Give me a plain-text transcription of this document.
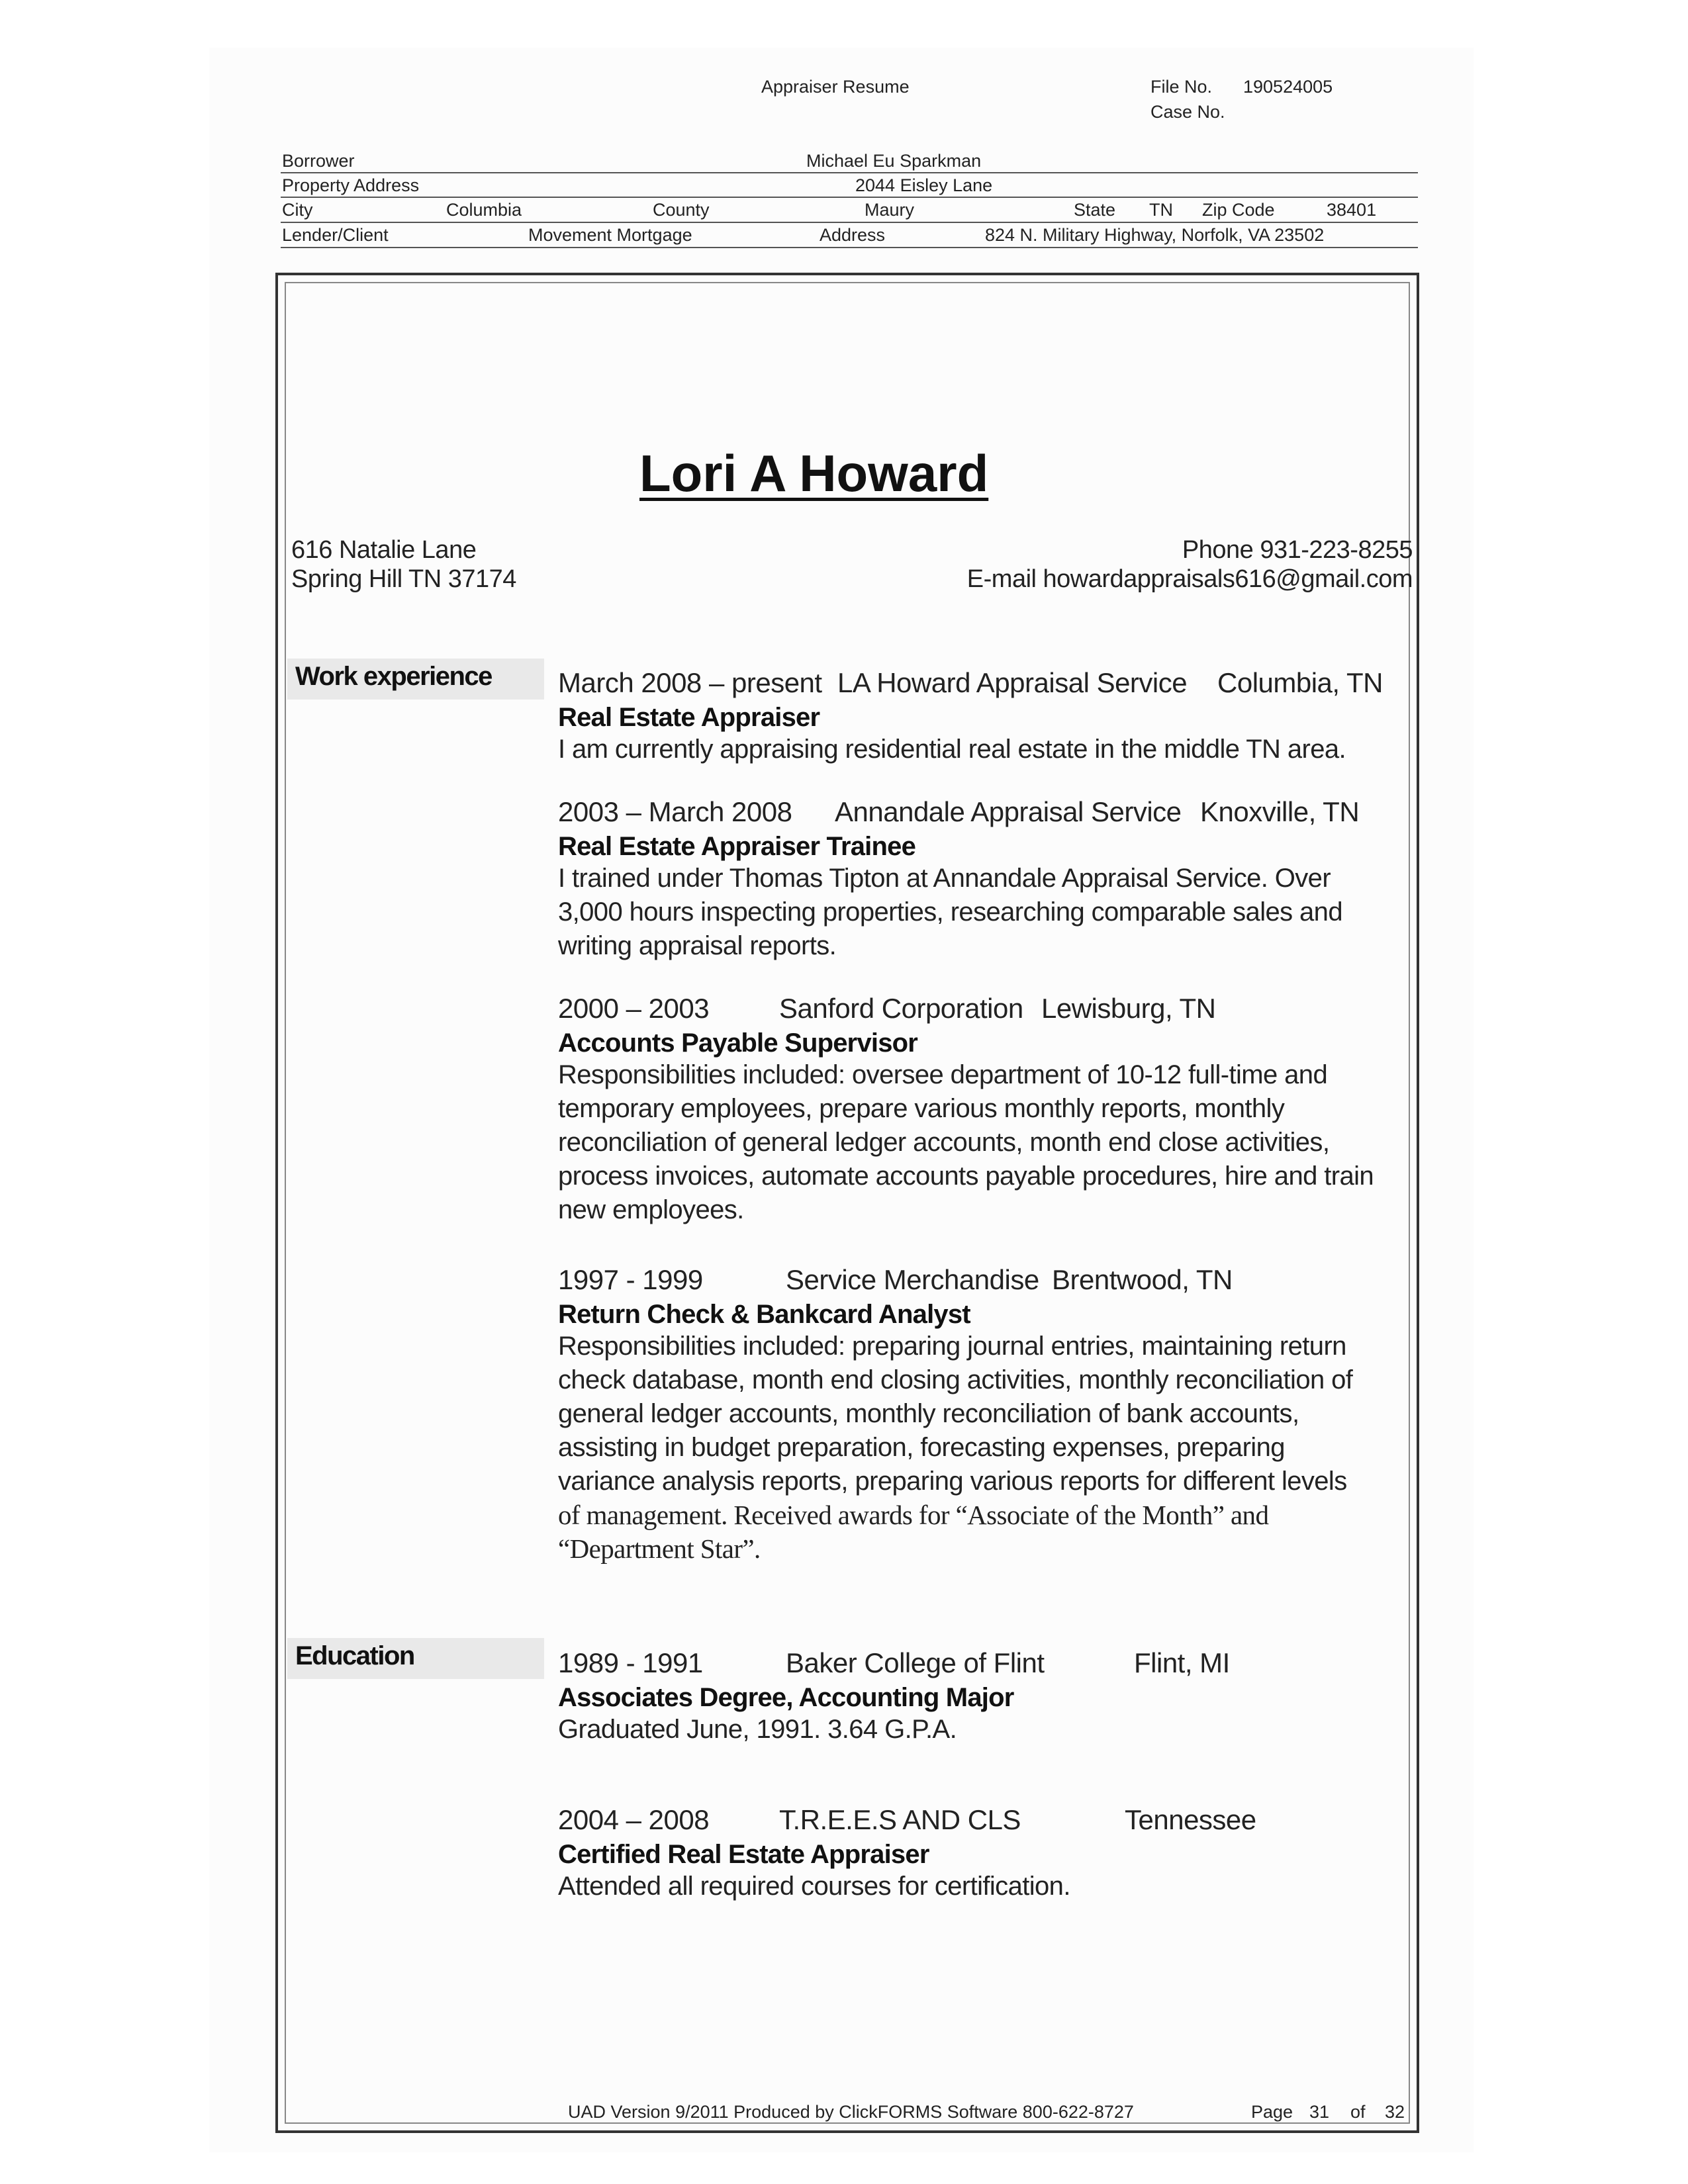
Appraiser Resume	File No. 190524005
Case No.
Borrower	Michael Eu Sparkman
Property Address	2044 Eisley Lane
City	Columbia	County	Maury	State TN Zip Code	38401
Lender/Client	Movement Mortgage	Address	824 N. Military Highway, Norfolk, VA 23502
Lori A Howard
616 Natalie Lane
Spring Hill TN 37174
Phone 931-223-8255
E-mail howardappraisals616@gmail.com
Work experience	March 2008 – present LA Howard Appraisal Service Columbia, TN
Real Estate Appraiser
I am currently appraising residential real estate in the middle TN area.
2003 – March 2008 Annandale Appraisal Service Knoxville, TN
Real Estate Appraiser Trainee
I trained under Thomas Tipton at Annandale Appraisal Service. Over
3,000 hours inspecting properties, researching comparable sales and
writing appraisal reports.
2000 – 2003	Sanford Corporation Lewisburg, TN
Accounts Payable Supervisor
Responsibilities included: oversee department of 10-12 full-time and
temporary employees, prepare various monthly reports, monthly
reconciliation of general ledger accounts, month end close activities,
process invoices, automate accounts payable procedures, hire and train
new employees.
1997 - 1999	Service Merchandise Brentwood, TN
Return Check & Bankcard Analyst
Responsibilities included: preparing journal entries, maintaining return
check database, month end closing activities, monthly reconciliation of
general ledger accounts, monthly reconciliation of bank accounts,
assisting in budget preparation, forecasting expenses, preparing
variance analysis reports, preparing various reports for different levels
of management. Received awards for “Associate of the Month” and
“Department Star”.
Education	1989 - 1991	Baker College of Flint	Flint, MI
Associates Degree, Accounting Major
Graduated June, 1991. 3.64 G.P.A.
2004 – 2008	T.R.E.E.S AND CLS	Tennessee
Certified Real Estate Appraiser
Attended all required courses for certification.
UAD Version 9/2011 Produced by ClickFORMS Software 800-622-8727	Page 31 of 32
